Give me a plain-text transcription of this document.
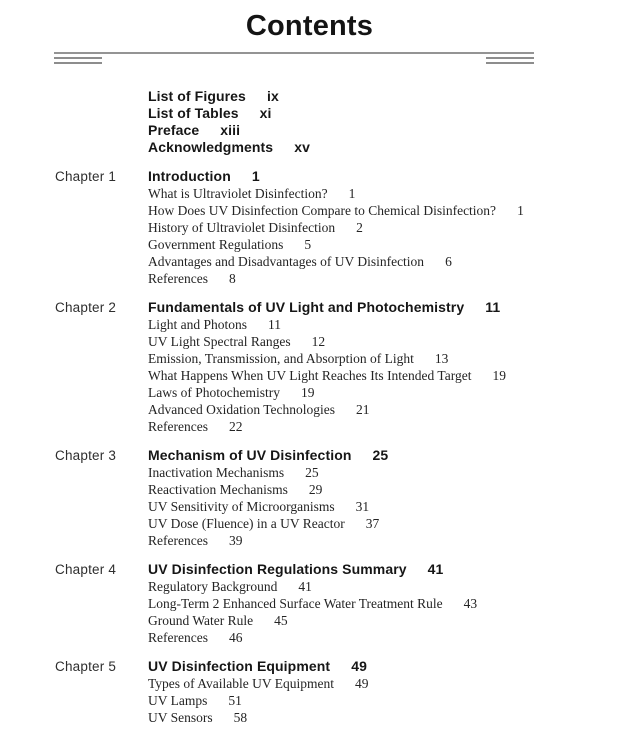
Contents
List of Figures ix
List of Tables xi
Preface xiii
Acknowledgments xv
Chapter 1	Introduction 1
What is Ultraviolet Disinfection? 1
How Does UV Disinfection Compare to Chemical Disinfection? 1
History of Ultraviolet Disinfection 2
Government Regulations 5
Advantages and Disadvantages of UV Disinfection 6
References 8
Chapter 2	Fundamentals of UV Light and Photochemistry 11
Light and Photons 11
UV Light Spectral Ranges 12
Emission, Transmission, and Absorption of Light 13
What Happens When UV Light Reaches Its Intended Target 19
Laws of Photochemistry 19
Advanced Oxidation Technologies 21
References 22
Chapter 3	Mechanism of UV Disinfection 25
Inactivation Mechanisms 25
Reactivation Mechanisms 29
UV Sensitivity of Microorganisms 31
UV Dose (Fluence) in a UV Reactor 37
References 39
Chapter 4	UV Disinfection Regulations Summary 41
Regulatory Background 41
Long-Term 2 Enhanced Surface Water Treatment Rule 43
Ground Water Rule 45
References 46
Chapter 5	UV Disinfection Equipment 49
Types of Available UV Equipment 49
UV Lamps 51
UV Sensors 58
